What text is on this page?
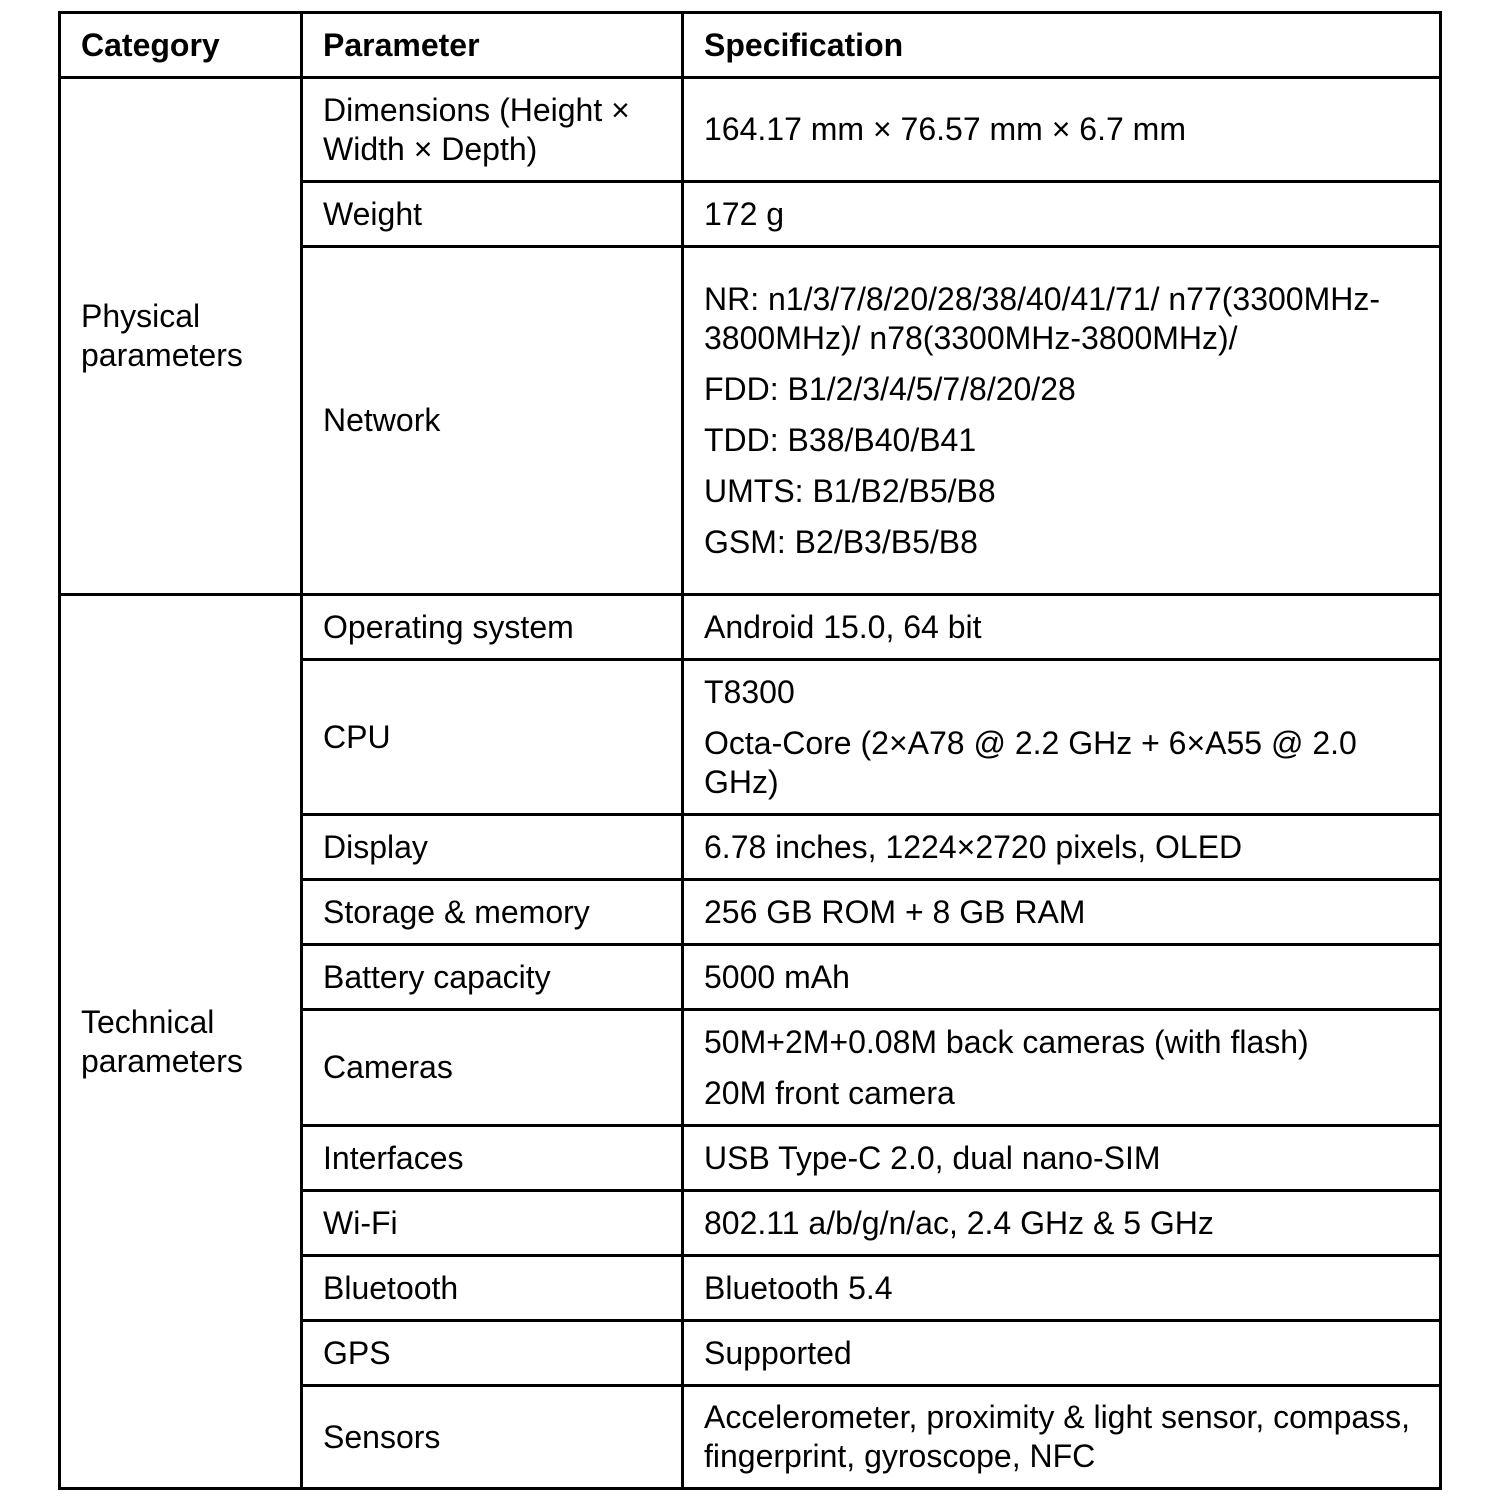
Category	Parameter	Specification
Physical parameters	Dimensions (Height × Width × Depth)	164.17 mm × 76.57 mm × 6.7 mm
	Weight	172 g
	Network	NR: n1/3/7/8/20/28/38/40/41/71/ n77(3300MHz-3800MHz)/ n78(3300MHz-3800MHz)/
FDD: B1/2/3/4/5/7/8/20/28
TDD: B38/B40/B41
UMTS: B1/B2/B5/B8
GSM: B2/B3/B5/B8

Technical parameters	Operating system	Android 15.0, 64 bit
	CPU	T8300
Octa-Core (2×A78 @ 2.2 GHz + 6×A55 @ 2.0 GHz)

	Display	6.78 inches, 1224×2720 pixels, OLED
	Storage & memory	256 GB ROM + 8 GB RAM
	Battery capacity	5000 mAh
	Cameras	50M+2M+0.08M back cameras (with flash)
20M front camera

	Interfaces	USB Type-C 2.0, dual nano-SIM
	Wi-Fi	802.11 a/b/g/n/ac, 2.4 GHz & 5 GHz
	Bluetooth	Bluetooth 5.4
	GPS	Supported
	Sensors	Accelerometer, proximity & light sensor, compass, fingerprint, gyroscope, NFC
